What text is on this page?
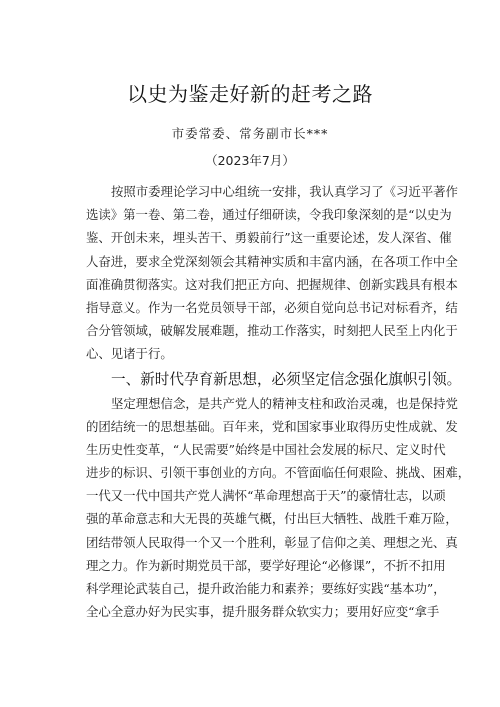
以史为鉴走好新的赶考之路
市委常委、常务副市长***
（2023年7月）
按照市委理论学习中心组统一安排，我认真学习了《习近平著作
选读》第一卷、第二卷，通过仔细研读，令我印象深刻的是“以史为
鉴、开创未来，埋头苦干、勇毅前行”这一重要论述，发人深省、催
人奋进，要求全党深刻领会其精神实质和丰富内涵，在各项工作中全
面准确贯彻落实。这对我们把正方向、把握规律、创新实践具有根本
指导意义。作为一名党员领导干部，必须自觉向总书记对标看齐，结
合分管领域，破解发展难题，推动工作落实，时刻把人民至上内化于
心、见诸于行。
一、新时代孕育新思想，必须坚定信念强化旗帜引领。
坚定理想信念，是共产党人的精神支柱和政治灵魂，也是保持党
的团结统一的思想基础。百年来，党和国家事业取得历史性成就、发
生历史性变革，“人民需要”始终是中国社会发展的标尺、定义时代
进步的标识、引领干事创业的方向。不管面临任何艰险、挑战、困难，
一代又一代中国共产党人满怀“革命理想高于天”的豪情壮志，以顽
强的革命意志和大无畏的英雄气概，付出巨大牺牲、战胜千难万险，
团结带领人民取得一个又一个胜利，彰显了信仰之美、理想之光、真
理之力。作为新时期党员干部，要学好理论“必修课”，不折不扣用
科学理论武装自己，提升政治能力和素养；要练好实践“基本功”，
全心全意办好为民实事，提升服务群众软实力；要用好应变“拿手
